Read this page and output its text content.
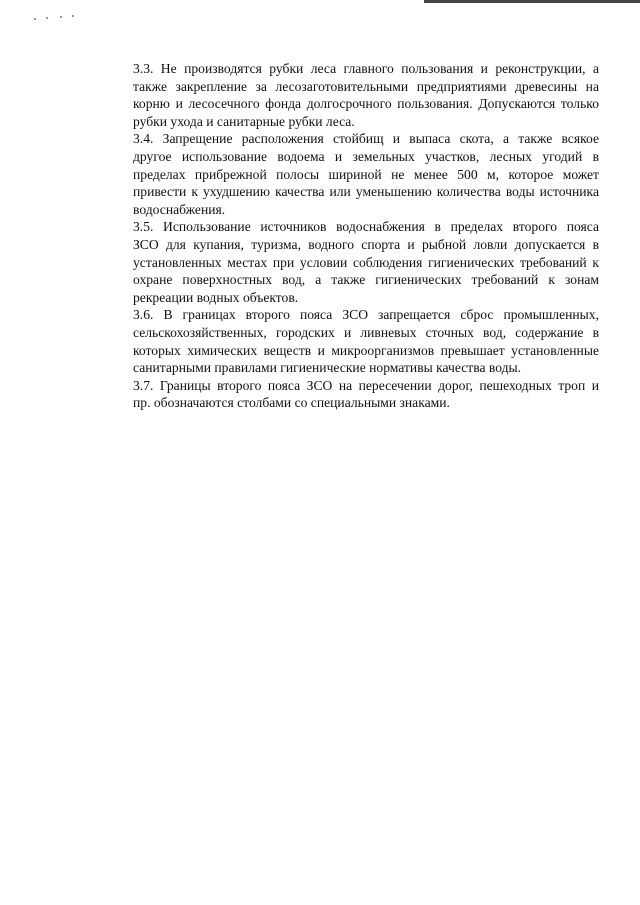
3.3. Не производятся рубки леса главного пользования и реконструкции, а
также закрепление за лесозаготовительными предприятиями древесины на
корню и лесосечного фонда долгосрочного пользования. Допускаются только
рубки ухода и санитарные рубки леса.
3.4. Запрещение расположения стойбищ и выпаса скота, а также всякое
другое использование водоема и земельных участков, лесных угодий в
пределах прибрежной полосы шириной не менее 500 м, которое может
привести к ухудшению качества или уменьшению количества воды источника
водоснабжения.
3.5. Использование источников водоснабжения в пределах второго пояса
ЗСО для купания, туризма, водного спорта и рыбной ловли допускается в
установленных местах при условии соблюдения гигиенических требований к
охране поверхностных вод, а также гигиенических требований к зонам
рекреации водных объектов.
3.6. В границах второго пояса ЗСО запрещается сброс промышленных,
сельскохозяйственных, городских и ливневых сточных вод, содержание в
которых химических веществ и микроорганизмов превышает установленные
санитарными правилами гигиенические нормативы качества воды.
3.7. Границы второго пояса ЗСО на пересечении дорог, пешеходных троп и
пр. обозначаются столбами со специальными знаками.
